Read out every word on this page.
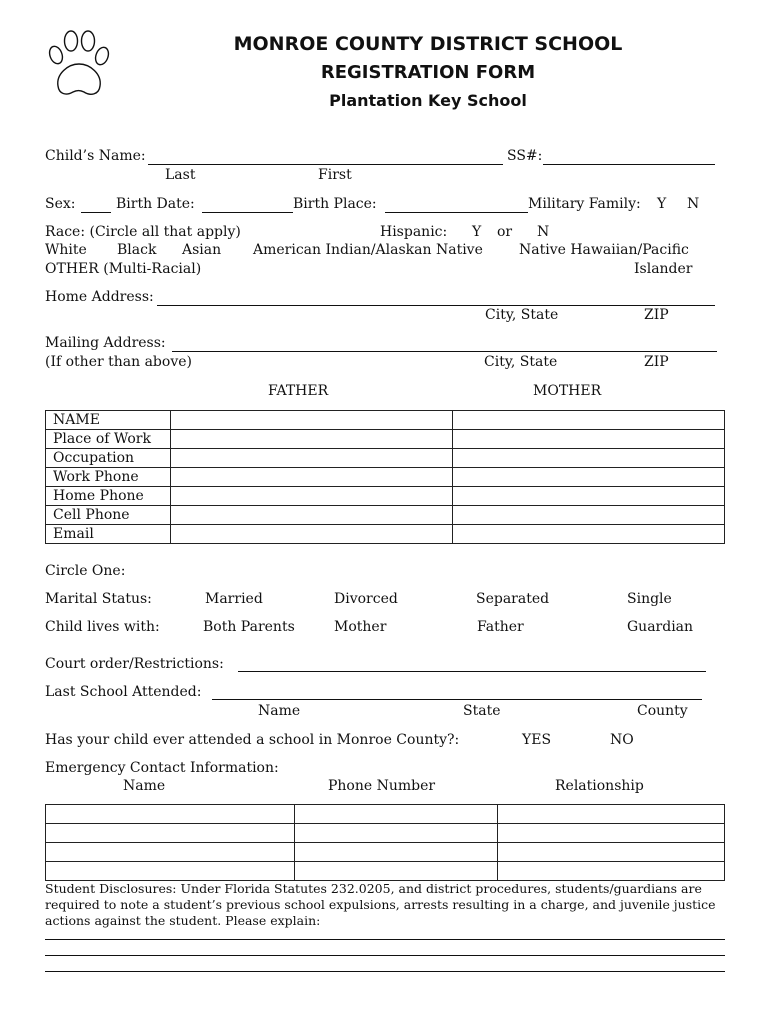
MONROE COUNTY DISTRICT SCHOOL
REGISTRATION FORM
Plantation Key School
Child’s Name:	SS#:
Last	First
Sex:	Birth Date:	Birth Place:	Military Family: Y N
Race: (Circle all that apply)	Hispanic: Y or N
White Black Asian American Indian/Alaskan Native	Native Hawaiian/Pacific
OTHER (Multi-Racial)	Islander
Home Address:
City, State	ZIP
Mailing Address:
(If other than above)	City, State	ZIP
FATHER	MOTHER
NAME		
Place of Work		
Occupation		
Work Phone		
Home Phone		
Cell Phone		
Email		
Circle One:
Marital Status:	Married	Divorced	Separated	Single
Child lives with:	Both Parents	Mother	Father	Guardian
Court order/Restrictions:
Last School Attended:
Name	State	County
Has your child ever attended a school in Monroe County?:	YES	NO
Emergency Contact Information:
Name	Phone Number	Relationship

Student Disclosures: Under Florida Statutes 232.0205, and district procedures, students/guardians are
required to note a student’s previous school expulsions, arrests resulting in a charge, and juvenile justice
actions against the student. Please explain:
